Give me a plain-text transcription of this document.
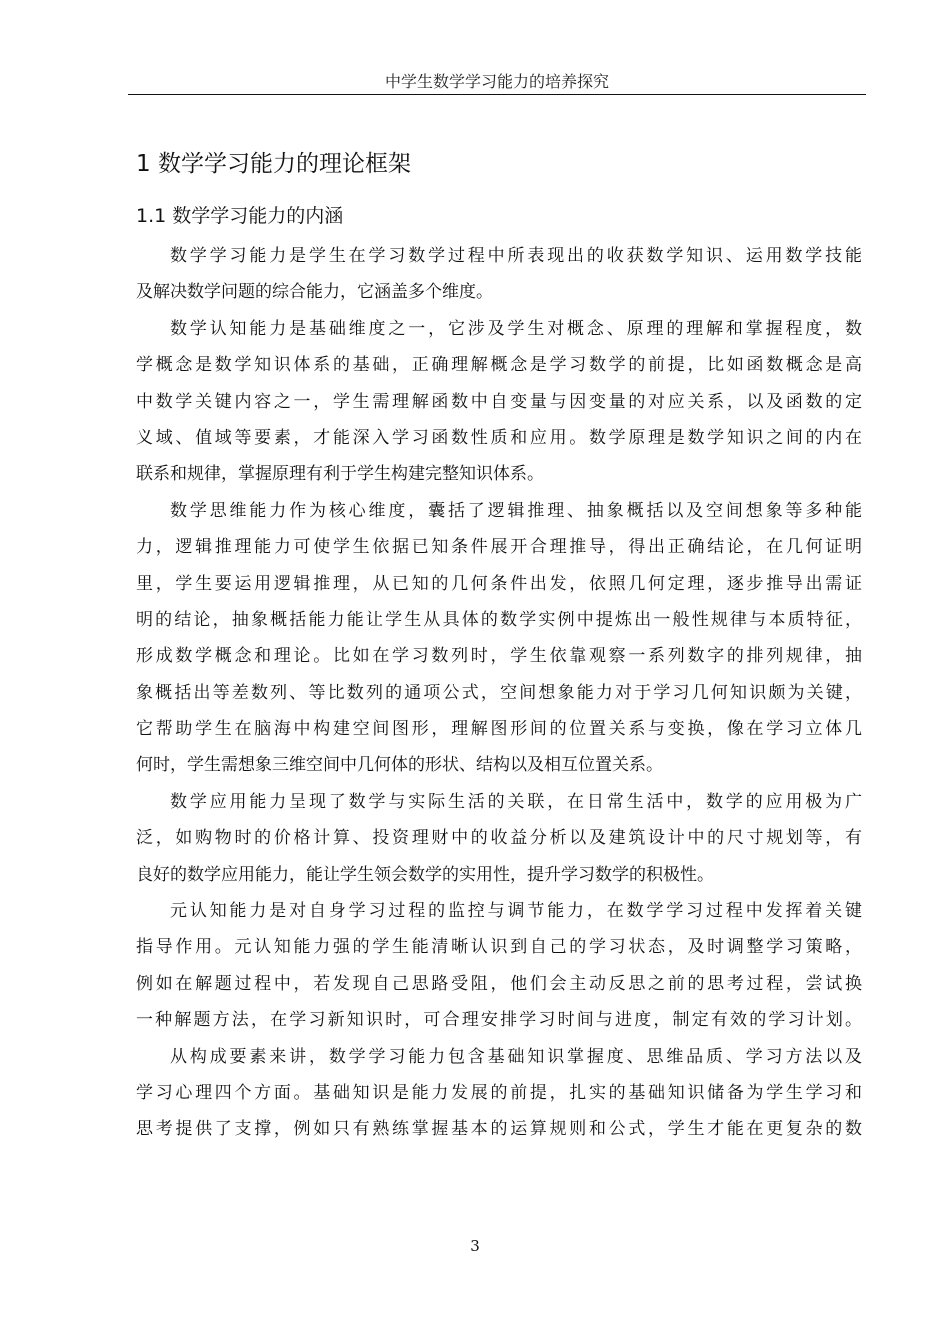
中学生数学学习能力的培养探究
1 数学学习能力的理论框架
1.1 数学学习能力的内涵
数学学习能力是学生在学习数学过程中所表现出的收获数学知识、运用数学技能
及解决数学问题的综合能力，它涵盖多个维度。
数学认知能力是基础维度之一，它涉及学生对概念、原理的理解和掌握程度，数
学概念是数学知识体系的基础，正确理解概念是学习数学的前提，比如函数概念是高
中数学关键内容之一，学生需理解函数中自变量与因变量的对应关系，以及函数的定
义域、值域等要素，才能深入学习函数性质和应用。数学原理是数学知识之间的内在
联系和规律，掌握原理有利于学生构建完整知识体系。
数学思维能力作为核心维度，囊括了逻辑推理、抽象概括以及空间想象等多种能
力，逻辑推理能力可使学生依据已知条件展开合理推导，得出正确结论，在几何证明
里，学生要运用逻辑推理，从已知的几何条件出发，依照几何定理，逐步推导出需证
明的结论，抽象概括能力能让学生从具体的数学实例中提炼出一般性规律与本质特征，
形成数学概念和理论。比如在学习数列时，学生依靠观察一系列数字的排列规律，抽
象概括出等差数列、等比数列的通项公式，空间想象能力对于学习几何知识颇为关键，
它帮助学生在脑海中构建空间图形，理解图形间的位置关系与变换，像在学习立体几
何时，学生需想象三维空间中几何体的形状、结构以及相互位置关系。
数学应用能力呈现了数学与实际生活的关联，在日常生活中，数学的应用极为广
泛，如购物时的价格计算、投资理财中的收益分析以及建筑设计中的尺寸规划等，有
良好的数学应用能力，能让学生领会数学的实用性，提升学习数学的积极性。
元认知能力是对自身学习过程的监控与调节能力，在数学学习过程中发挥着关键
指导作用。元认知能力强的学生能清晰认识到自己的学习状态，及时调整学习策略，
例如在解题过程中，若发现自己思路受阻，他们会主动反思之前的思考过程，尝试换
一种解题方法，在学习新知识时，可合理安排学习时间与进度，制定有效的学习计划。
从构成要素来讲，数学学习能力包含基础知识掌握度、思维品质、学习方法以及
学习心理四个方面。基础知识是能力发展的前提，扎实的基础知识储备为学生学习和
思考提供了支撑，例如只有熟练掌握基本的运算规则和公式，学生才能在更复杂的数
3
